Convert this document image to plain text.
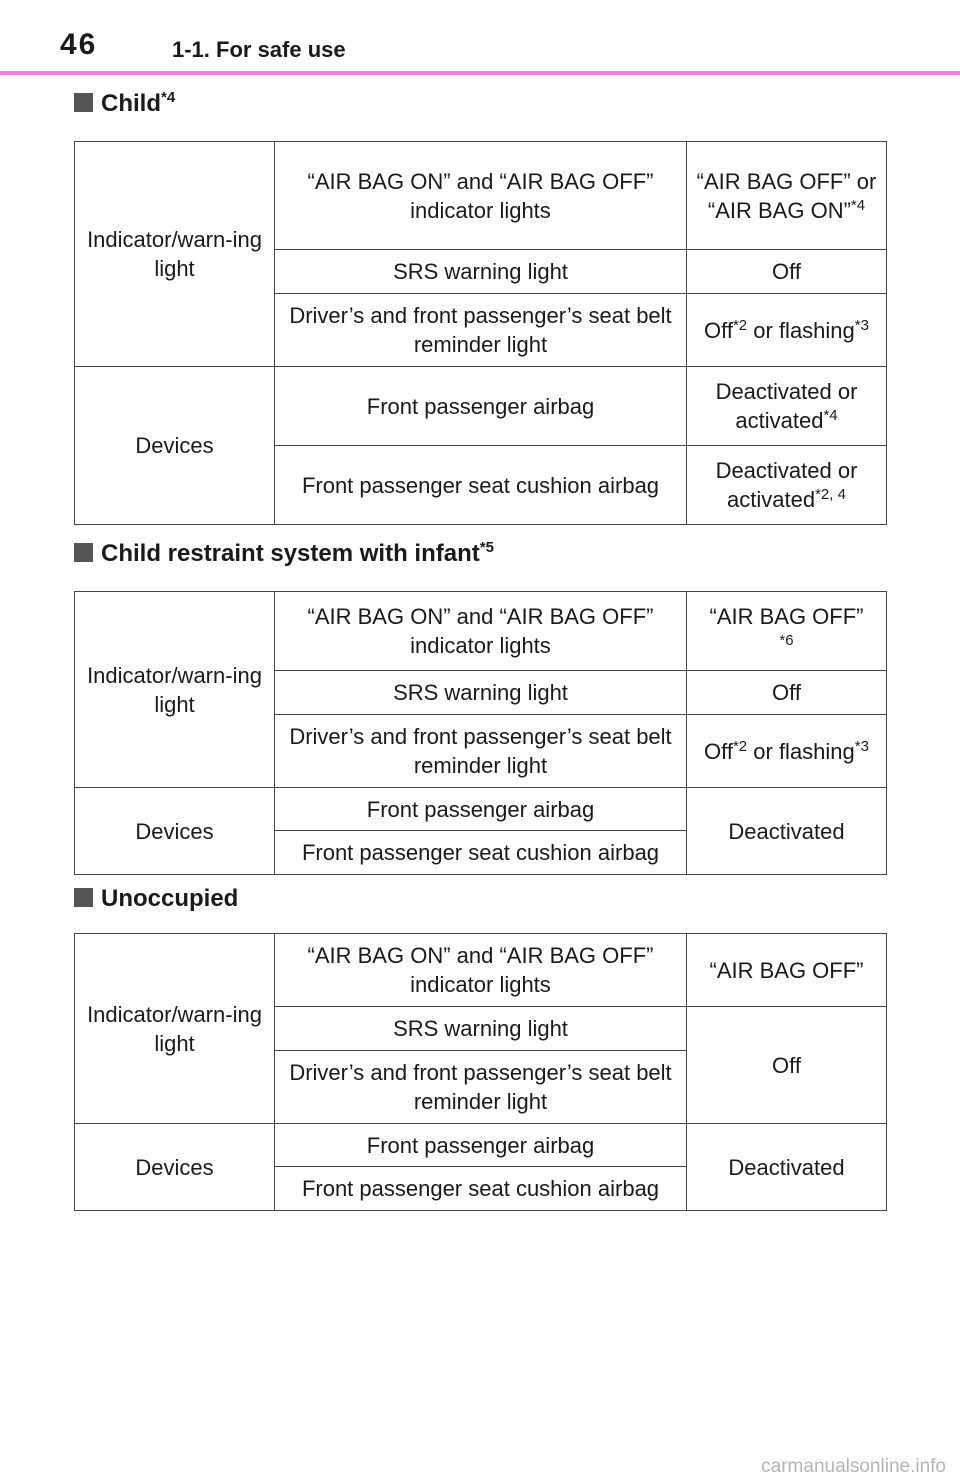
46	1-1. For safe use
Child$^{*4}$
Indicator/warn-ing light	“AIR BAG ON” and “AIR BAG OFF” indicator lights	“AIR BAG OFF” or “AIR BAG ON”$^{*4}$
	SRS warning light	Off
	Driver’s and front passenger’s seat belt reminder light	Off$^{*2}$ or flashing$^{*3}$
Devices	Front passenger airbag	Deactivated or activated$^{*4}$
	Front passenger seat cushion airbag	Deactivated or activated$^{*2, 4}$
Child restraint system with infant$^{*5}$
Indicator/warn-ing light	“AIR BAG ON” and “AIR BAG OFF” indicator lights	“AIR BAG OFF”
$^{*6}$

	SRS warning light	Off
	Driver’s and front passenger’s seat belt reminder light	Off$^{*2}$ or flashing$^{*3}$
Devices	Front passenger airbag	Deactivated
	Front passenger seat cushion airbag	
Unoccupied
Indicator/warn-ing light	“AIR BAG ON” and “AIR BAG OFF” indicator lights	“AIR BAG OFF”
	SRS warning light	Off
	Driver’s and front passenger’s seat belt reminder light	
Devices	Front passenger airbag	Deactivated
	Front passenger seat cushion airbag	
carmanualsonline.info
